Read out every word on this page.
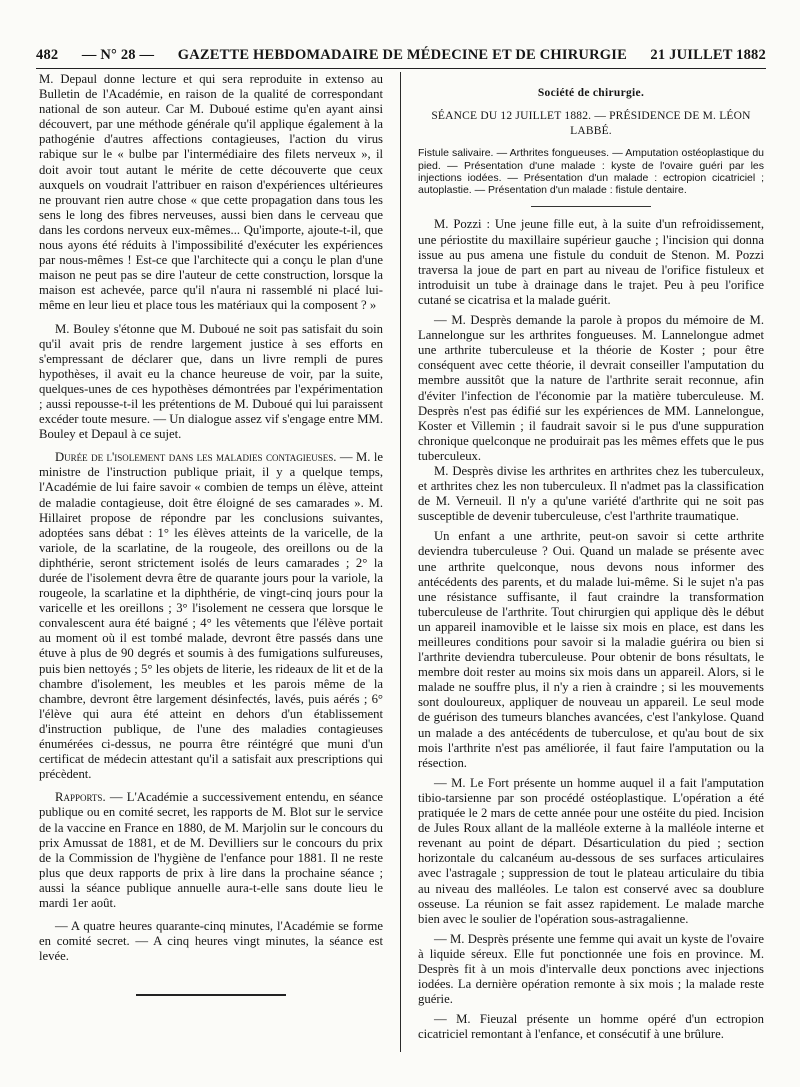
482 — N° 28 — GAZETTE HEBDOMADAIRE DE MÉDECINE ET DE CHIRURGIE 21 JUILLET 1882

M. Depaul donne lecture et qui sera reproduite in extenso au Bulletin de l'Académie, en raison de la qualité de correspondant national de son auteur. Car M. Duboué estime qu'en ayant ainsi découvert, par une méthode générale qu'il applique également à la pathogénie d'autres affections contagieuses, l'action du virus rabique sur le « bulbe par l'intermédiaire des filets nerveux », il doit avoir tout autant le mérite de cette découverte que ceux auxquels on voudrait l'attribuer en raison d'expériences ultérieures ne prouvant rien autre chose « que cette propagation dans tous les sens le long des fibres nerveuses, aussi bien dans le cerveau que dans les cordons nerveux eux-mêmes... Qu'importe, ajoute-t-il, que nous ayons été réduits à l'impossibilité d'exécuter les expériences par nous-mêmes ! Est-ce que l'architecte qui a conçu le plan d'une maison ne peut pas se dire l'auteur de cette construction, lorsque la maison est achevée, parce qu'il n'aura ni rassemblé ni placé lui-même en leur lieu et place tous les matériaux qui la composent ? »

M. Bouley s'étonne que M. Duboué ne soit pas satisfait du soin qu'il avait pris de rendre largement justice à ses efforts en s'empressant de déclarer que, dans un livre rempli de pures hypothèses, il avait eu la chance heureuse de voir, par la suite, quelques-unes de ces hypothèses démontrées par l'expérimentation ; aussi repousse-t-il les prétentions de M. Duboué qui lui paraissent excéder toute mesure. — Un dialogue assez vif s'engage entre MM. Bouley et Depaul à ce sujet.

Durée de l'isolement dans les maladies contagieuses. — M. le ministre de l'instruction publique priait, il y a quelque temps, l'Académie de lui faire savoir « combien de temps un élève, atteint de maladie contagieuse, doit être éloigné de ses camarades ». M. Hillairet propose de répondre par les conclusions suivantes, adoptées sans débat : 1° les élèves atteints de la varicelle, de la variole, de la scarlatine, de la rougeole, des oreillons ou de la diphthérie, seront strictement isolés de leurs camarades ; 2° la durée de l'isolement devra être de quarante jours pour la variole, la rougeole, la scarlatine et la diphthérie, de vingt-cinq jours pour la varicelle et les oreillons ; 3° l'isolement ne cessera que lorsque le convalescent aura été baigné ; 4° les vêtements que l'élève portait au moment où il est tombé malade, devront être passés dans une étuve à plus de 90 degrés et soumis à des fumigations sulfureuses, puis bien nettoyés ; 5° les objets de literie, les rideaux de lit et de la chambre d'isolement, les meubles et les parois même de la chambre, devront être largement désinfectés, lavés, puis aérés ; 6° l'élève qui aura été atteint en dehors d'un établissement d'instruction publique, de l'une des maladies contagieuses énumérées ci-dessus, ne pourra être réintégré que muni d'un certificat de médecin attestant qu'il a satisfait aux prescriptions qui précèdent.

Rapports. — L'Académie a successivement entendu, en séance publique ou en comité secret, les rapports de M. Blot sur le service de la vaccine en France en 1880, de M. Marjolin sur le concours du prix Amussat de 1881, et de M. Devilliers sur le concours du prix de la Commission de l'hygiène de l'enfance pour 1881. Il ne reste plus que deux rapports de prix à lire dans la prochaine séance ; aussi la séance publique annuelle aura-t-elle sans doute lieu le mardi 1er août.

— A quatre heures quarante-cinq minutes, l'Académie se forme en comité secret. — A cinq heures vingt minutes, la séance est levée.

Société de chirurgie.
SÉANCE DU 12 JUILLET 1882. — PRÉSIDENCE DE M. LÉON LABBÉ.
Fistule salivaire. — Arthrites fongueuses. — Amputation ostéoplastique du pied. — Présentation d'une malade : kyste de l'ovaire guéri par les injections iodées. — Présentation d'un malade : ectropion cicatriciel ; autoplastie. — Présentation d'un malade : fistule dentaire.

M. Pozzi : Une jeune fille eut, à la suite d'un refroidissement, une périostite du maxillaire supérieur gauche ; l'incision qui donna issue au pus amena une fistule du conduit de Stenon. M. Pozzi traversa la joue de part en part au niveau de l'orifice fistuleux et introduisit un tube à drainage dans le trajet. Peu à peu l'orifice cutané se cicatrisa et la malade guérit.

— M. Desprès demande la parole à propos du mémoire de M. Lannelongue sur les arthrites fongueuses. M. Lannelongue admet une arthrite tuberculeuse et la théorie de Koster ; pour être conséquent avec cette théorie, il devrait conseiller l'amputation du membre aussitôt que la nature de l'arthrite serait reconnue, afin d'éviter l'infection de l'économie par la matière tuberculeuse. M. Desprès n'est pas édifié sur les expériences de MM. Lannelongue, Koster et Villemin ; il faudrait savoir si le pus d'une suppuration chronique quelconque ne produirait pas les mêmes effets que le pus tuberculeux.

M. Desprès divise les arthrites en arthrites chez les tuberculeux, et arthrites chez les non tuberculeux. Il n'admet pas la classification de M. Verneuil. Il n'y a qu'une variété d'arthrite qui ne soit pas susceptible de devenir tuberculeuse, c'est l'arthrite traumatique.

Un enfant a une arthrite, peut-on savoir si cette arthrite deviendra tuberculeuse ? Oui. Quand un malade se présente avec une arthrite quelconque, nous devons nous informer des antécédents des parents, et du malade lui-même. Si le sujet n'a pas une résistance suffisante, il faut craindre la transformation tuberculeuse de l'arthrite. Tout chirurgien qui applique dès le début un appareil inamovible et le laisse six mois en place, est dans les meilleures conditions pour savoir si la maladie guérira ou bien si l'arthrite deviendra tuberculeuse. Pour obtenir de bons résultats, le membre doit rester au moins six mois dans un appareil. Alors, si le malade ne souffre plus, il n'y a rien à craindre ; si les mouvements sont douloureux, appliquer de nouveau un appareil. Le seul mode de guérison des tumeurs blanches avancées, c'est l'ankylose. Quand un malade a des antécédents de tuberculose, et qu'au bout de six mois l'arthrite n'est pas améliorée, il faut faire l'amputation ou la résection.

— M. Le Fort présente un homme auquel il a fait l'amputation tibio-tarsienne par son procédé ostéoplastique. L'opération a été pratiquée le 2 mars de cette année pour une ostéite du pied. Incision de Jules Roux allant de la malléole externe à la malléole interne et revenant au point de départ. Désarticulation du pied ; section horizontale du calcanéum au-dessous de ses surfaces articulaires avec l'astragale ; suppression de tout le plateau articulaire du tibia au niveau des malléoles. Le talon est conservé avec sa doublure osseuse. La réunion se fait assez rapidement. Le malade marche bien avec le soulier de l'opération sous-astragalienne.

— M. Desprès présente une femme qui avait un kyste de l'ovaire à liquide séreux. Elle fut ponctionnée une fois en province. M. Desprès fit à un mois d'intervalle deux ponctions avec injections iodées. La dernière opération remonte à six mois ; la malade reste guérie.

— M. Fieuzal présente un homme opéré d'un ectropion cicatriciel remontant à l'enfance, et consécutif à une brûlure.
